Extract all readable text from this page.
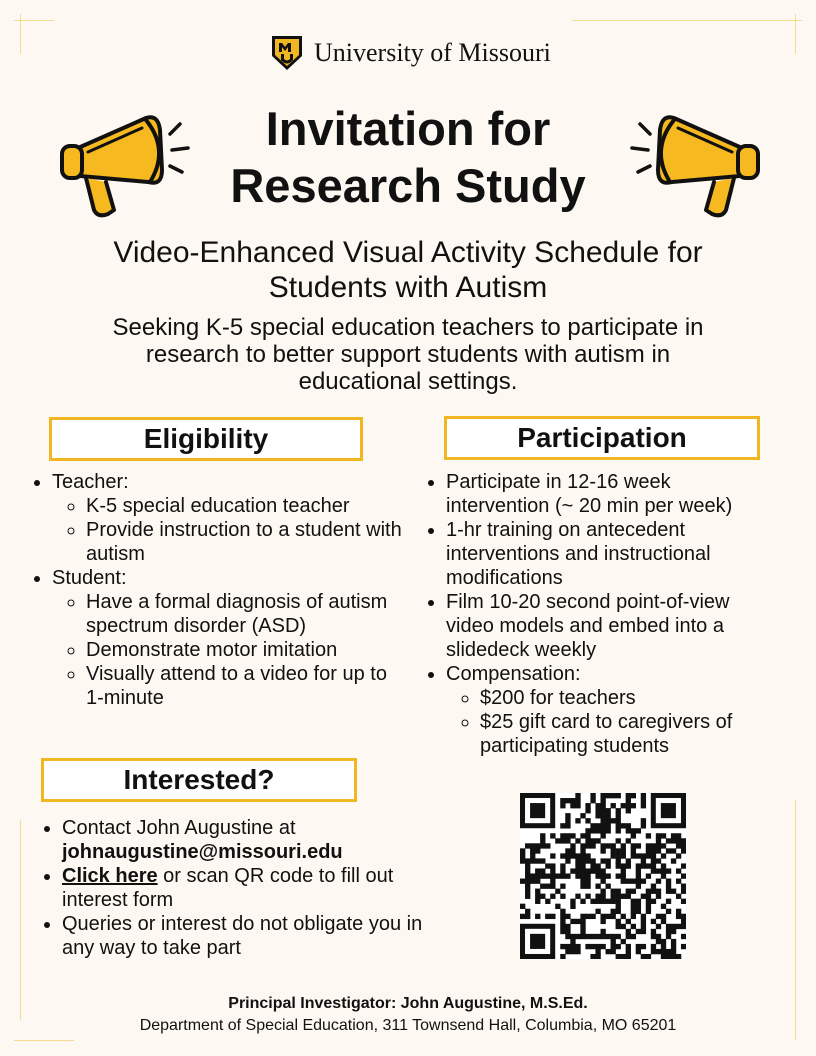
University of Missouri
Invitation for
Research Study
Video-Enhanced Visual Activity Schedule for
Students with Autism
Seeking K-5 special education teachers to participate in
research to better support students with autism in
educational settings.
Eligibility
• Teacher:
◦ K-5 special education teacher
◦ Provide instruction to a student with autism
• Student:
◦ Have a formal diagnosis of autism spectrum disorder (ASD)
◦ Demonstrate motor imitation
◦ Visually attend to a video for up to 1-minute
Participation
• Participate in 12-16 week intervention (~ 20 min per week)
• 1-hr training on antecedent interventions and instructional modifications
• Film 10-20 second point-of-view video models and embed into a slidedeck weekly
• Compensation:
◦ $200 for teachers
◦ $25 gift card to caregivers of participating students
Interested?
• Contact John Augustine at
johnaugustine@missouri.edu
• Click here or scan QR code to fill out interest form
• Queries or interest do not obligate you in any way to take part
Principal Investigator: John Augustine, M.S.Ed.
Department of Special Education, 311 Townsend Hall, Columbia, MO 65201
